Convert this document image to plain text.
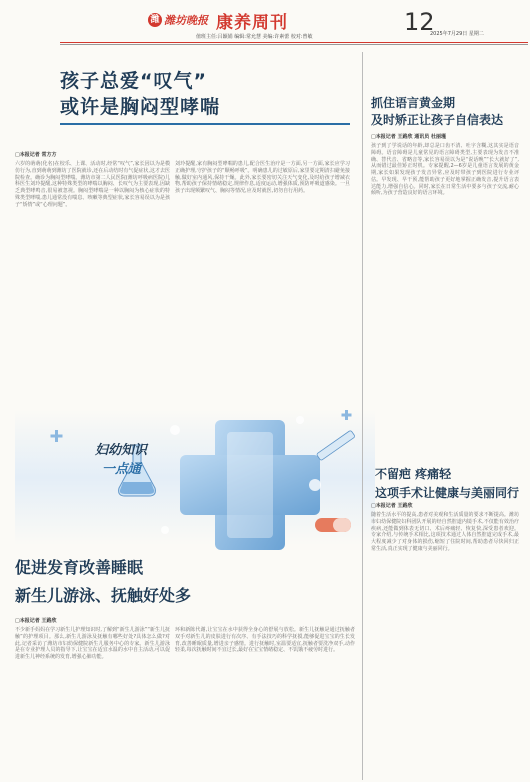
潍 潍坊晚报 康养周刊	12
2025年7月29日 星期二
值班主任:吕颖娟 编辑:常允慧 美编:许素蕾 校对:曾敏
孩子总爱“叹气”
或许是胸闷型哮喘
□本报记者 常方方
六岁的萌萌(化名)在校乐、上课、活动时,经常“叹气”,家长因以为是模仿行为,直到萌萌到潍坊了医院就诊,还在后动结时有气促症状,这才去医院检查。确诊为胸闷型哮喘。潍坊市第二人民医院(潍坊呼吸病医院)儿科医生刘玲提醒,这种特殊类型的哮喘以胸闷、长叹气为主要表现,因缺乏典型哮鸣音,很易被忽视。胸闷型哮喘是一种以胸闷为核心症状的特殊类型哮喘,患儿通常没有喘息、咳嗽等典型症状,家长容易误以为是孩子“矫情”或“心理问题”。
刘玲提醒,家有胸闷型哮喘的患儿,配合医生治疗是一方面,另一方面,家长应学习正确护理,守护孩子的“顺畅呼吸”。明确患儿的过敏原后,家里要定期清扫避免接触,做好室内通风,保持干燥。此外,家长要密切关注天气变化,及时给孩子增减衣物,帮助孩子保持情绪稳定,规律作息,适度运动,增强体质,预防呼吸道感染。一旦孩子出现频繁叹气、胸闷等情况,应及时就医,切勿自行用药。
妇幼知识
一点通
促进发育改善睡眠
新生儿游泳、抚触好处多
□本报记者 王路欣
不少新手妈妈在学习新生儿护理知识时,了解到“新生儿游泳”“新生儿抚触”的护理项目。那么,新生儿游泳及抚触有哪些好处?具体怎么做?对此,记者采访了潍坊市妇幼保健院新生儿服务中心的专家。新生儿游泳是在专业护理人员的指导下,让宝宝在适宜水温的水中自主活动,可以促进新生儿神经系统的发育,增强心肺功能。
环和新陈代谢,让宝宝在水中获得全身心的舒展与放松。新生儿抚触是通过抚触者双手对新生儿的皮肤进行有次序、有手法技巧的科学抚摸,能够促进宝宝的生长发育,改善睡眠质量,增进亲子感情。进行抚触时,室温要适宜,抚触者要洗净双手,动作轻柔,每次抚触时间不宜过长,最好在宝宝情绪稳定、不饥饿不疲劳时进行。
抓住语言黄金期
及时矫正让孩子自信表达
□本报记者 王路欣 通讯员 杜丽瑾
孩子到了学说话的年龄,却总是口齿不清、吐字含糊,这其实是语音障碍。语音障碍是儿童常见的语言障碍类型,主要表现为发音不准确、替代音、省略音等,家长容易误以为是“说话晚”“长大就好了”,从而错过最佳矫正时机。专家提醒,2—6岁是儿童语言发展的黄金期,家长如果发现孩子发音异常,应及时带孩子到医院进行专业评估。早发现、早干预,能帮助孩子更好地掌握正确发音,提升语言表达能力,增强自信心。同时,家长在日常生活中要多与孩子交流,耐心倾听,为孩子营造良好的语言环境。
不留疤 疼痛轻
这项手术让健康与美丽同行
□本报记者 王路欣
随着生活水平的提高,患者对美观和生活质量的要求不断提高。潍坊市妇幼保健院妇科团队开展的经自然腔道内镜手术,不仅能有效治疗疾病,还能做到体表无切口、术后疼痛轻、恢复快,深受患者欢迎。专家介绍,与传统手术相比,这项技术通过人体自然腔道完成手术,最大程度减少了对身体的损伤,缩短了住院时间,帮助患者尽快回归正常生活,真正实现了健康与美丽同行。
